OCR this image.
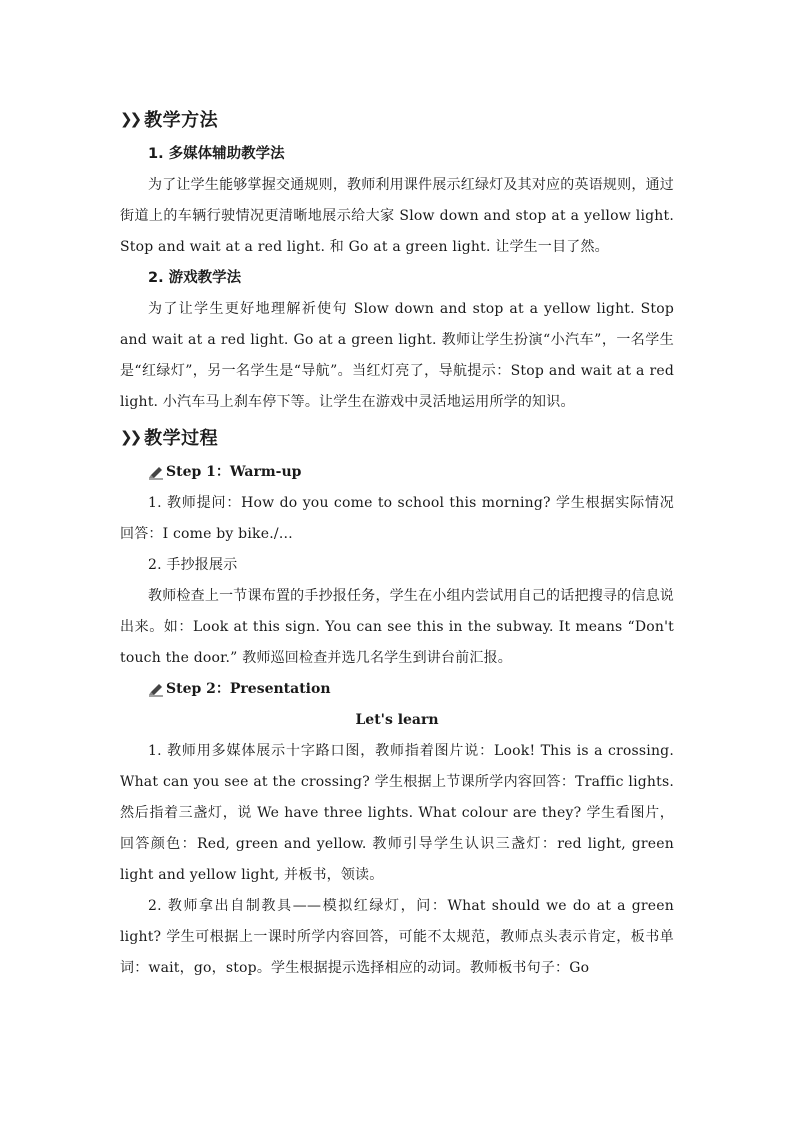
❯❯ 教学方法
1. 多媒体辅助教学法

为了让学生能够掌握交通规则，教师利用课件展示红绿灯及其对应的英语规则，通过街道上的车辆行驶情况更清晰地展示给大家 Slow down and stop at a yellow light. Stop and wait at a red light. 和 Go at a green light. 让学生一目了然。

2. 游戏教学法

为了让学生更好地理解祈使句 Slow down and stop at a yellow light. Stop and wait at a red light. Go at a green light. 教师让学生扮演“小汽车”，一名学生是“红绿灯”，另一名学生是“导航”。当红灯亮了，导航提示：Stop and wait at a red light. 小汽车马上刹车停下等。让学生在游戏中灵活地运用所学的知识。

❯❯ 教学过程
Step 1：Warm-up

1. 教师提问：How do you come to school this morning? 学生根据实际情况回答：I come by bike./…

2. 手抄报展示

教师检查上一节课布置的手抄报任务，学生在小组内尝试用自己的话把搜寻的信息说出来。如：Look at this sign. You can see this in the subway. It means “Don't touch the door.” 教师巡回检查并选几名学生到讲台前汇报。

Step 2：Presentation
Let's learn

1. 教师用多媒体展示十字路口图，教师指着图片说：Look! This is a crossing. What can you see at the crossing? 学生根据上节课所学内容回答：Traffic lights. 然后指着三盏灯，说 We have three lights. What colour are they? 学生看图片，回答颜色：Red, green and yellow. 教师引导学生认识三盏灯：red light, green light and yellow light, 并板书，领读。

2. 教师拿出自制教具——模拟红绿灯，问：What should we do at a green light? 学生可根据上一课时所学内容回答，可能不太规范，教师点头表示肯定，板书单词：wait，go，stop。学生根据提示选择相应的动词。教师板书句子：Go
